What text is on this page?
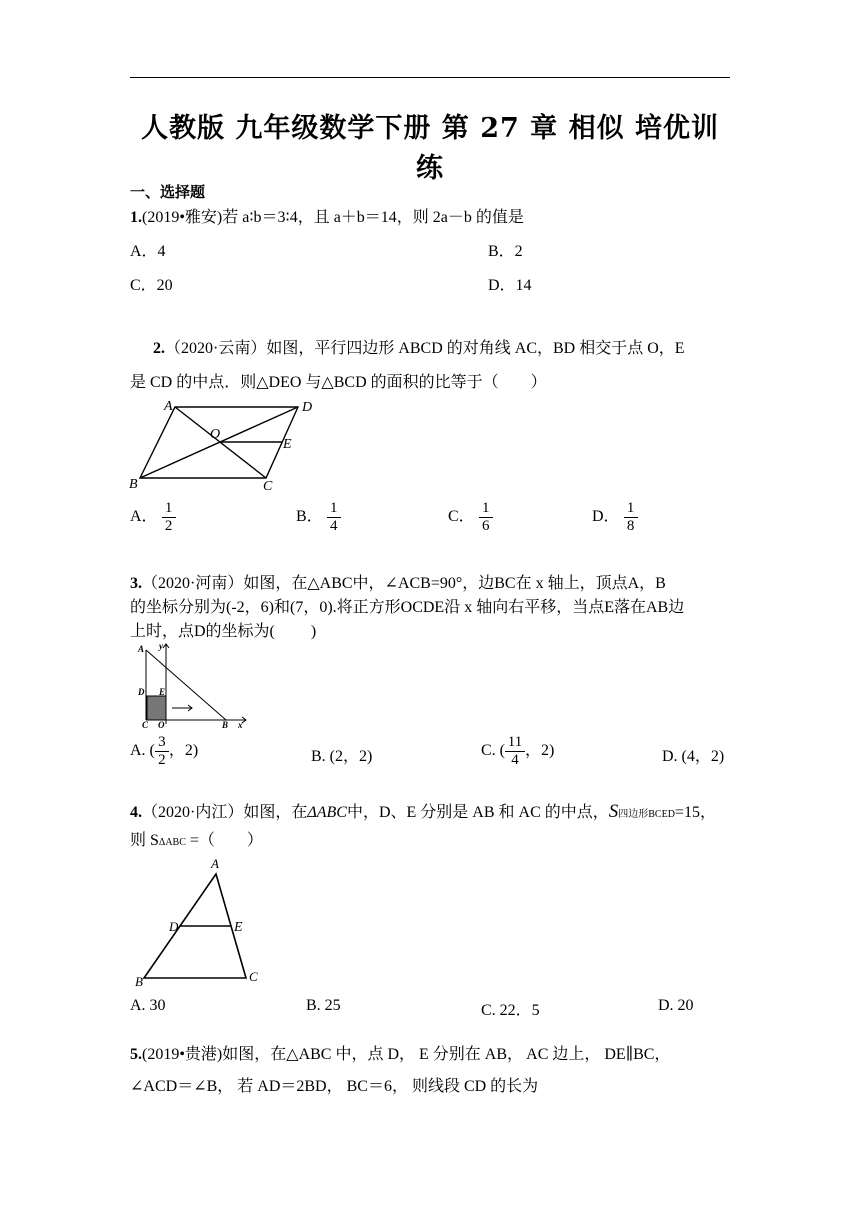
人教版 九年级数学下册 第 27 章 相似 培优训
练
一、选择题
1.(2019•雅安)若 a∶b＝3∶4，且 a＋b＝14，则 2a－b 的值是
A．4	B．2
C．20	D．14
2.（2020·云南）如图，平行四边形 ABCD 的对角线 AC，BD 相交于点 O，E
是 CD 的中点．则△DEO 与△BCD 的面积的比等于（　　）
A	D
O
E
B	C
A． $\frac{1}{2}$	B． $\frac{1}{4}$	C． $\frac{1}{6}$	D． $\frac{1}{8}$
3.（2020·河南）如图，在△ABC中，∠ACB=90°，边BC在 x 轴上，顶点A，B
的坐标分别为(-2，6)和(7，0).将正方形OCDE沿 x 轴向右平移，当点E落在AB边
上时，点D的坐标为(　　 )
A y
D E
C O	B x
A. ( $\frac{3}{2}$ ，2)	B. (2，2)	C. ( $\frac{11}{4}$ ，2)	D. (4，2)
4.（2020·内江）如图，在ΔABC中，D、E 分别是 AB 和 AC 的中点，S四边形BCED=15，
则 SΔABC =（　　）
A
D	E
B	C
A. 30	B. 25	C. 22．5	D. 20
5.(2019•贵港)如图，在△ABC 中，点 D， E 分别在 AB， AC 边上， DE∥BC，
∠ACD＝∠B， 若 AD＝2BD， BC＝6， 则线段 CD 的长为
